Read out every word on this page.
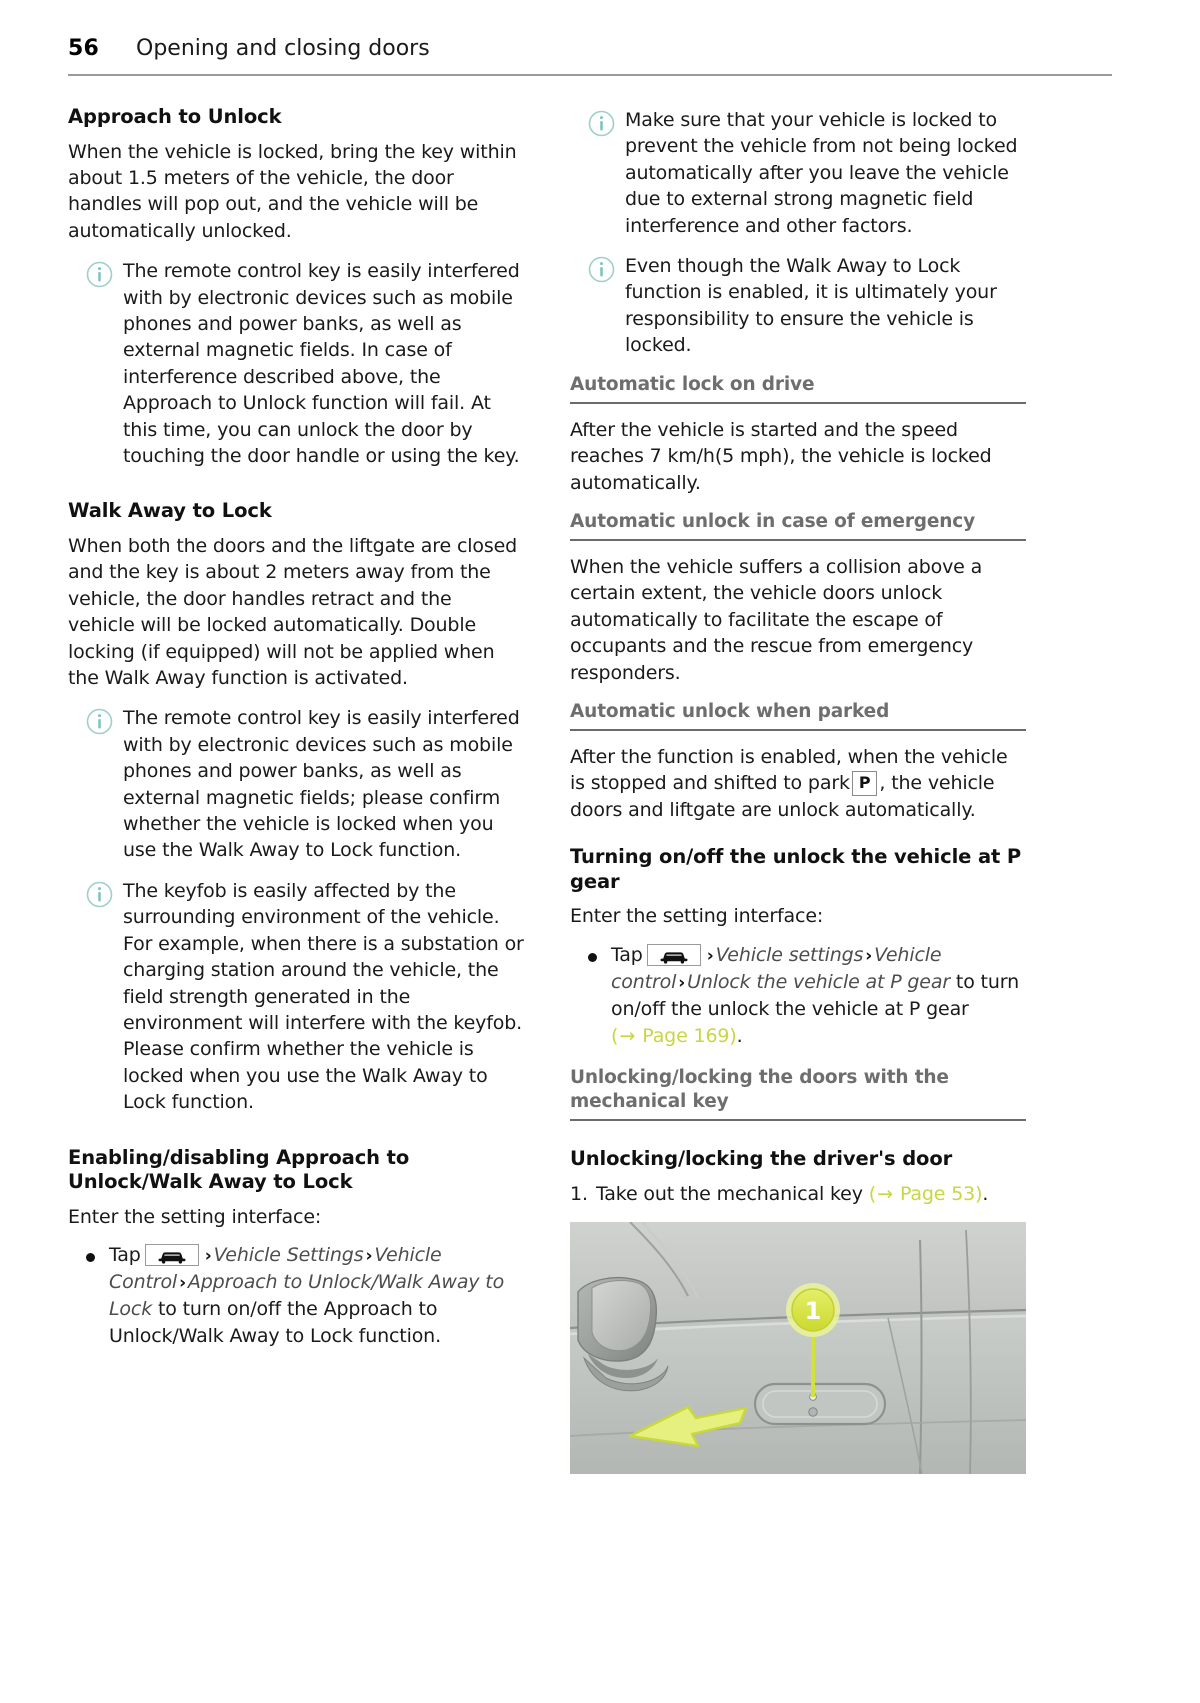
56	Opening and closing doors
Approach to Unlock

When the vehicle is locked, bring the key within about 1.5 meters of the vehicle, the door handles will pop out, and the vehicle will be automatically unlocked.

The remote control key is easily interfered with by electronic devices such as mobile phones and power banks, as well as external magnetic fields. In case of interference described above, the Approach to Unlock function will fail. At this time, you can unlock the door by touching the door handle or using the key.
Walk Away to Lock

When both the doors and the liftgate are closed and the key is about 2 meters away from the vehicle, the door handles retract and the vehicle will be locked automatically. Double locking (if equipped) will not be applied when the Walk Away function is activated.

The remote control key is easily interfered with by electronic devices such as mobile phones and power banks, as well as external magnetic fields; please confirm whether the vehicle is locked when you use the Walk Away to Lock function.
The keyfob is easily affected by the surrounding environment of the vehicle. For example, when there is a substation or charging station around the vehicle, the field strength generated in the environment will interfere with the keyfob. Please confirm whether the vehicle is locked when you use the Walk Away to Lock function.
Enabling/disabling Approach to Unlock/Walk Away to Lock

Enter the setting interface:

Tap	› Vehicle Settings › Vehicle Control › Approach to Unlock/Walk Away to Lock to turn on/off the Approach to Unlock/Walk Away to Lock function.
Make sure that your vehicle is locked to prevent the vehicle from not being locked automatically after you leave the vehicle due to external strong magnetic field interference and other factors.
Even though the Walk Away to Lock function is enabled, it is ultimately your responsibility to ensure the vehicle is locked.
Automatic lock on drive

After the vehicle is started and the speed reaches 7 km/h(5 mph), the vehicle is locked automatically.

Automatic unlock in case of emergency

When the vehicle suffers a collision above a certain extent, the vehicle doors unlock automatically to facilitate the escape of occupants and the rescue from emergency responders.

Automatic unlock when parked

After the function is enabled, when the vehicle is stopped and shifted to park P , the vehicle doors and liftgate are unlock automatically.

Turning on/off the unlock the vehicle at P gear

Enter the setting interface:

Tap	› Vehicle settings › Vehicle control › Unlock the vehicle at P gear to turn on/off the unlock the vehicle at P gear (→ Page 169).
Unlocking/locking the doors with the mechanical key
Unlocking/locking the driver's door
1. Take out the mechanical key (→ Page 53).
1
